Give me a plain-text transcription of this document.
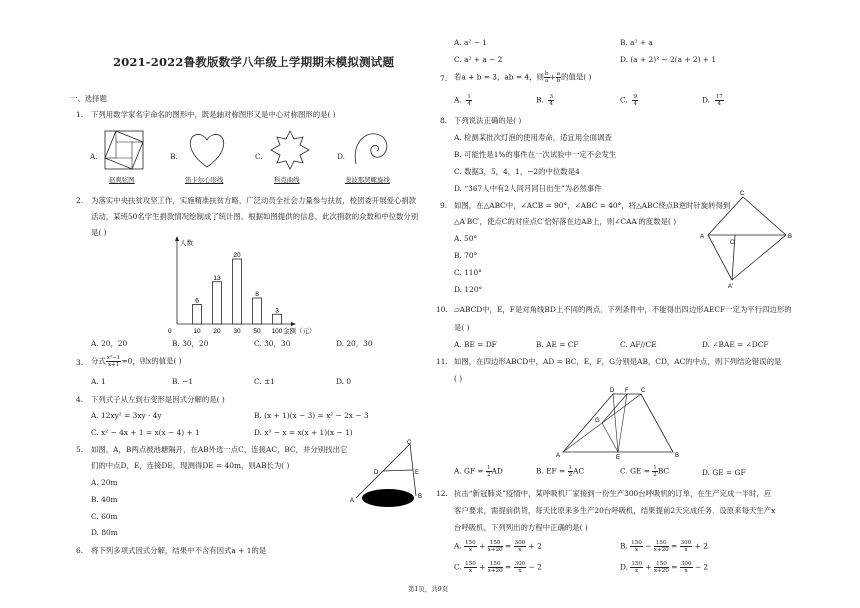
2021-2022鲁教版数学八年级上学期期末模拟测试题
一、选择题
1. 下列用数学家名字命名的图形中，既是轴对称图形又是中心对称图形的是( )
A.	B.	C.	D.
赵爽弦图	笛卡尔心形线	科克曲线	斐波那契螺旋线
2. 为落实中央扶贫攻坚工作，实施精准扶贫方略，广泛动员全社会力量参与扶贫，校团委开展爱心捐款
活动，某班50名学生捐款情况绘制成了统计图。根据如图提供的信息，此次捐款的众数和中位数分别
是( )
人数
金额（元）
0
6
10
13
20
20
30
8
50
3
100
A. 20，20	B. 30，20	C. 30，30	D. 20，30
3. 分式 $\frac{\text{x²−1}}{x+1} =0$，则x的值是( )
A. 1	B. −1	C. ±1	D. 0
4. 下列式子从左到右变形是因式分解的是( )
A. 12xy² = 3xy · 4y	B. (x + 1)(x − 3) = x² − 2x − 3
C. x² − 4x + 1 = x(x − 4) + 1	D. x³ − x = x(x + 1)(x − 1)
5. 如图，A，B两点被池塘隔开，在AB外选一点C，连接AC，BC，并分别找出它
们的中点D，E，连接DE，现测得DE = 40m，则AB长为( )
A. 20m
B. 40m
C. 60m
D. 80m
C
D	E
A
B
6. 将下列多项式因式分解，结果中不含有因式a + 1的是
第1页，共9页
A. a² − 1	B. a² + a
C. a² + a − 2	D. (a + 2)² − 2(a + 2) + 1
7. 若a + b = 3，ab = 4，则 $\frac{b}{a} + \frac{a}{b}$ 的值是( )
A. $\frac{1}{4}$	B. $\frac{3}{4}$	C. $\frac{9}{4}$	D. $\frac{17}{4}$
8. 下列说法正确的是( )
A. 检测某批次灯泡的使用寿命，适宜用全面调查
B. 可能性是1%的事件在一次试验中一定不会发生
C. 数据3，5，4，1，−2的中位数是4
D. “367人中有2人同月同日出生”为必然事件
9. 如图，在△ABC中，∠ACB = 90°，∠ABC = 40°，将△ABC绕点B逆时针旋转得到
△A′BC′，使点C的对应点C′恰好落在边AB上，则∠CAA′的度数是( )
A. 50°
B. 70°
C. 110°
D. 120°
C
A
C′
B
A′
10. ▱ABCD中，E，F是对角线BD上不同的两点．下列条件中，不能得出四边形AECF一定为平行四边形的
是( )
A. BE = DF	B. AE = CF	C. AF//CE	D. ∠BAE = ∠DCF
11. 如图，在四边形ABCD中，AD = BC，E，F，G分别是AB，CD，AC的中点，则下列结论错误的是
( )
D F C
G
A	E	B
A. GF = $\frac{1}{2}$ AD	B. EF = $\frac{1}{2}$ AC	C. GE = $\frac{1}{2}$ BC	D. GE = GF
12. 抗击“新冠肺炎”疫情中，某呼吸机厂家接到一份生产300台呼吸机的订单，在生产完成一半时，应
客户要求，需提前供货，每天比原来多生产20台呼吸机，结果提前2天完成任务．设原来每天生产x
台呼吸机，下列列出的方程中正确的是( )
A. $\frac{150}{x} + \frac{150}{x+20} = \frac{300}{x} + 2$	B. $\frac{150}{x} - \frac{150}{x+20} = \frac{300}{x} + 2$
C. $\frac{150}{x} + \frac{150}{x+20} = \frac{300}{x} - 2$	D. $\frac{150}{x} + \frac{150}{x+20} = \frac{300}{x} - 2$
